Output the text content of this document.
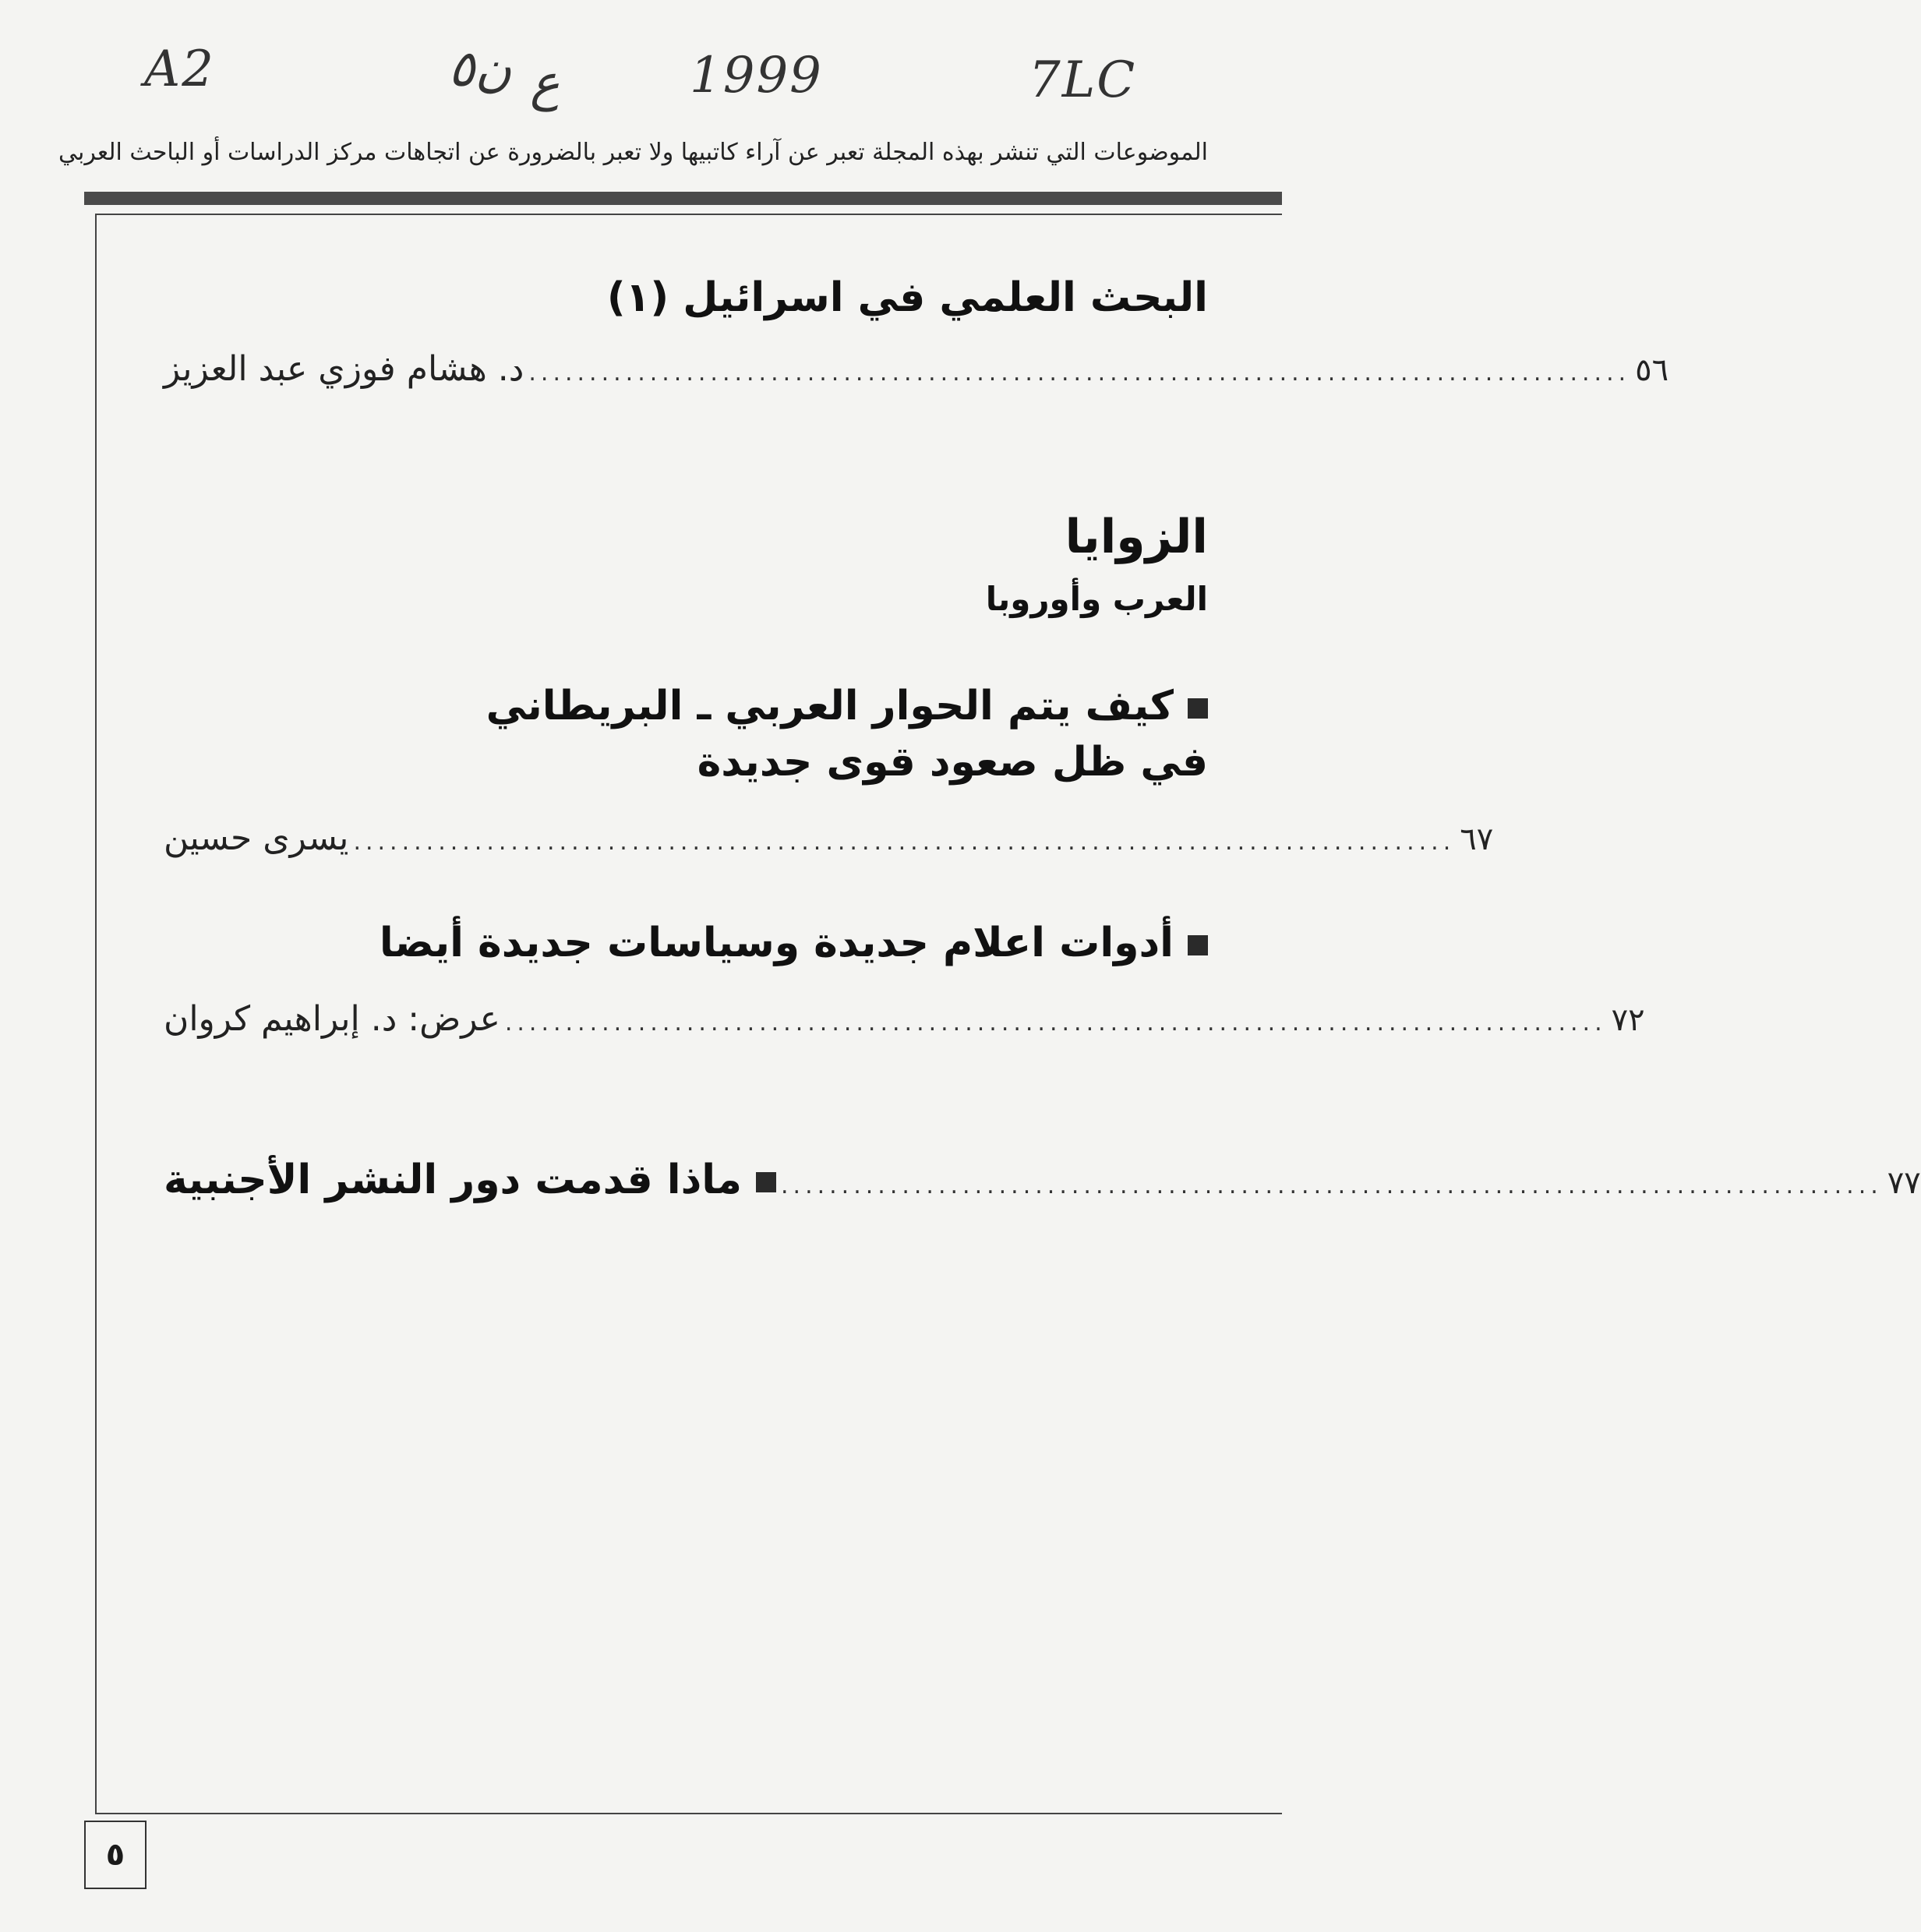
A2	ن٥ ع	1999	7LC
الموضوعات التي تنشر بهذه المجلة تعبر عن آراء كاتبيها ولا تعبر بالضرورة عن اتجاهات مركز الدراسات أو الباحث العربي
البحث العلمي في اسرائيل (١)
د. هشام فوزي عبد العزيز ........................................................................................... ٥٦
الزوايا
العرب وأوروبا
كيف يتم الحوار العربي ـ البريطاني
في ظل صعود قوى جديدة
يسرى حسين ........................................................................................... ٦٧
أدوات اعلام جديدة وسياسات جديدة أيضا
عرض: د. إبراهيم كروان ........................................................................................... ٧٢
ماذا قدمت دور النشر الأجنبية	........................................................................................... ٧٧
٥
